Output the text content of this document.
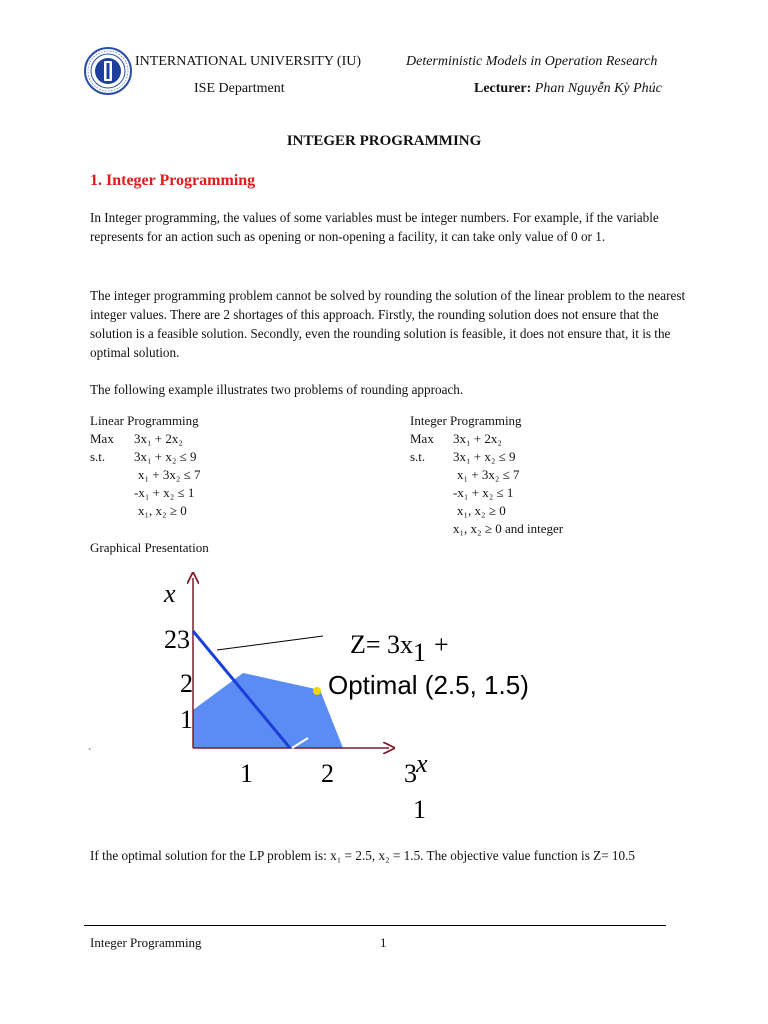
INTERNATIONAL UNIVERSITY (IU)	Deterministic Models in Operation Research
ISE Department	Lecturer: Phan Nguyễn Kỳ Phúc
INTEGER PROGRAMMING
1. Integer Programming
In Integer programming, the values of some variables must be integer numbers. For example, if the variable represents for an action such as opening or non-opening a facility, it can take only value of 0 or 1.
The integer programming problem cannot be solved by rounding the solution of the linear problem to the nearest integer values. There are 2 shortages of this approach. Firstly, the rounding solution does not ensure that the solution is a feasible solution. Secondly, even the rounding solution is feasible, it does not ensure that, it is the optimal solution.
The following example illustrates two problems of rounding approach.
Linear Programming
Max 3x₁ + 2x₂
s.t. 3x₁ + x₂ ≤ 9
x₁ + 3x₂ ≤ 7
-x₁ + x₂ ≤ 1
x₁, x₂ ≥ 0
Integer Programming
Max 3x₁ + 2x₂
s.t. 3x₁ + x₂ ≤ 9
x₁ + 3x₂ ≤ 7
-x₁ + x₂ ≤ 1
x₁, x₂ ≥ 0
x₁, x₂ ≥ 0 and integer
Graphical Presentation
x
23
2
1
`
1	2	3 x
1
Z= 3x1 +
Optimal (2.5, 1.5)
If the optimal solution for the LP problem is: x₁ = 2.5, x₂ = 1.5. The objective value function is Z= 10.5
Integer Programming	1
